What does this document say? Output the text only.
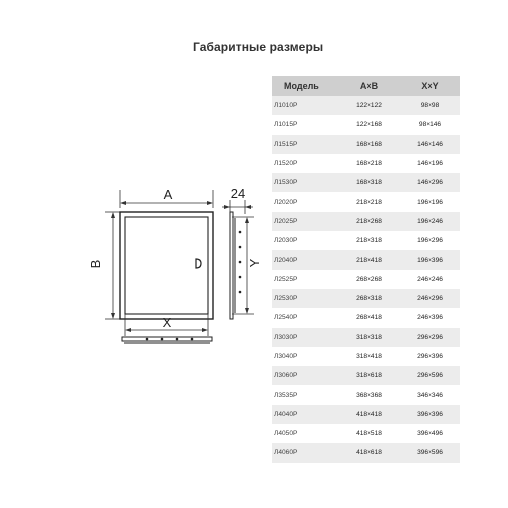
Габаритные размеры
A
B
X
24
Y
Модель	A×B	X×Y
Л1010Р	122×122	98×98
Л1015Р	122×168	98×146
Л1515Р	168×168	146×146
Л1520Р	168×218	146×196
Л1530Р	168×318	146×296
Л2020Р	218×218	196×196
Л2025Р	218×268	196×246
Л2030Р	218×318	196×296
Л2040Р	218×418	196×396
Л2525Р	268×268	246×246
Л2530Р	268×318	246×296
Л2540Р	268×418	246×396
Л3030Р	318×318	296×296
Л3040Р	318×418	296×396
Л3060Р	318×618	296×596
Л3535Р	368×368	346×346
Л4040Р	418×418	396×396
Л4050Р	418×518	396×496
Л4060Р	418×618	396×596
